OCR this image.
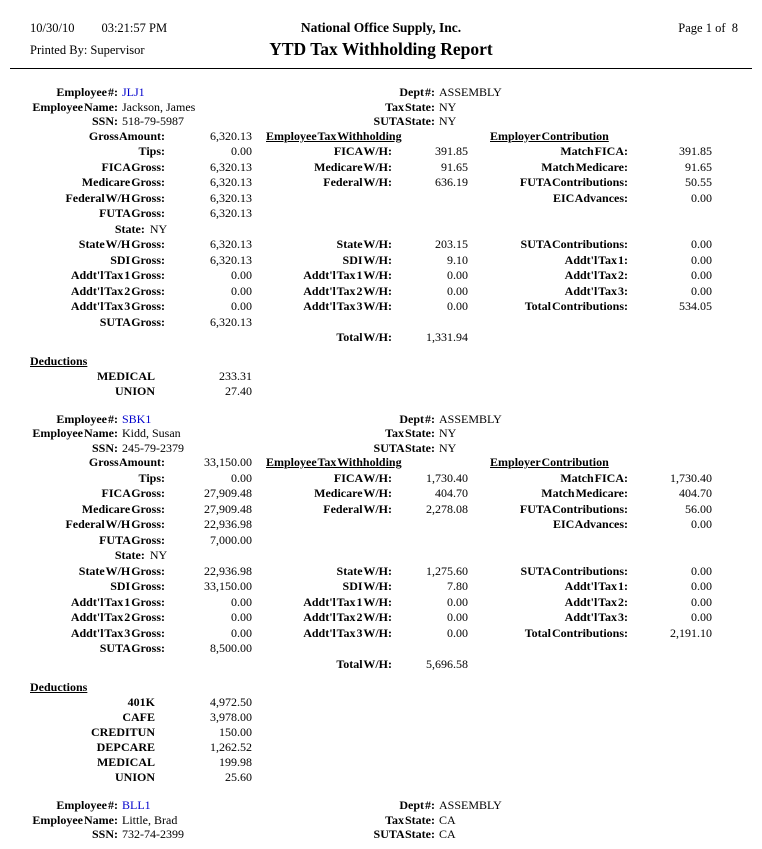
10/30/10 03:21:57 PM
Printed By: Supervisor
National Office Supply, Inc.
YTD Tax Withholding Report
Page 1 of  8
Employee #:	JLJ1	Dept #:	ASSEMBLY
Employee Name:	Jackson, James	Tax State:	NY
SSN:	518-79-5987	SUTA State:	NY
Gross Amount:	6,320.13		Employee Tax Withholding			Employer Contribution		
Tips:	0.00		FICA W/H:	391.85		Match FICA:	391.85	
FICA Gross:	6,320.13		Medicare W/H:	91.65		Match Medicare:	91.65	
Medicare Gross:	6,320.13		Federal W/H:	636.19		FUTA Contributions:	50.55	
Federal W/H Gross:	6,320.13					EIC Advances:	0.00	
FUTA Gross:	6,320.13							
State: NY								
State W/H Gross:	6,320.13		State W/H:	203.15		SUTA Contributions:	0.00	
SDI Gross:	6,320.13		SDI W/H:	9.10		Addt'l Tax 1:	0.00	
Addt'l Tax 1 Gross:	0.00		Addt'l Tax 1 W/H:	0.00		Addt'l Tax 2:	0.00	
Addt'l Tax 2 Gross:	0.00		Addt'l Tax 2 W/H:	0.00		Addt'l Tax 3:	0.00	
Addt'l Tax 3 Gross:	0.00		Addt'l Tax 3 W/H:	0.00		Total Contributions:	534.05	
SUTA Gross:	6,320.13							
			Total W/H:	1,331.94				
Deductions
MEDICAL	233.31
UNION	27.40
Employee #:	SBK1	Dept #:	ASSEMBLY
Employee Name:	Kidd, Susan	Tax State:	NY
SSN:	245-79-2379	SUTA State:	NY
Gross Amount:	33,150.00		Employee Tax Withholding			Employer Contribution		
Tips:	0.00		FICA W/H:	1,730.40		Match FICA:	1,730.40	
FICA Gross:	27,909.48		Medicare W/H:	404.70		Match Medicare:	404.70	
Medicare Gross:	27,909.48		Federal W/H:	2,278.08		FUTA Contributions:	56.00	
Federal W/H Gross:	22,936.98					EIC Advances:	0.00	
FUTA Gross:	7,000.00							
State: NY								
State W/H Gross:	22,936.98		State W/H:	1,275.60		SUTA Contributions:	0.00	
SDI Gross:	33,150.00		SDI W/H:	7.80		Addt'l Tax 1:	0.00	
Addt'l Tax 1 Gross:	0.00		Addt'l Tax 1 W/H:	0.00		Addt'l Tax 2:	0.00	
Addt'l Tax 2 Gross:	0.00		Addt'l Tax 2 W/H:	0.00		Addt'l Tax 3:	0.00	
Addt'l Tax 3 Gross:	0.00		Addt'l Tax 3 W/H:	0.00		Total Contributions:	2,191.10	
SUTA Gross:	8,500.00							
			Total W/H:	5,696.58				
Deductions
401K	4,972.50
CAFE	3,978.00
CREDITUN	150.00
DEP CARE	1,262.52
MEDICAL	199.98
UNION	25.60
Employee #:	BLL1	Dept #:	ASSEMBLY
Employee Name:	Little, Brad	Tax State:	CA
SSN:	732-74-2399	SUTA State:	CA
